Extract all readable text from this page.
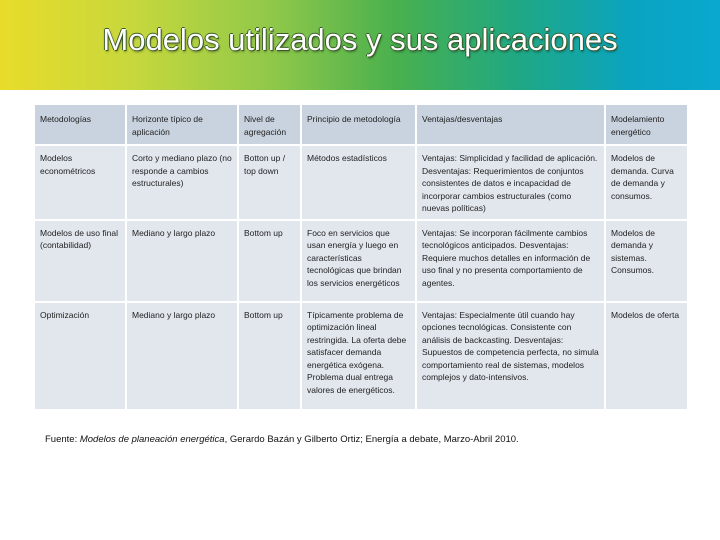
Modelos utilizados y sus aplicaciones
Metodologías	Horizonte típico de aplicación	Nivel de agregación	Principio de metodología	Ventajas/desventajas	Modelamiento energético
Modelos econométricos	Corto y mediano plazo (no responde a cambios estructurales)	Botton up / top down	Métodos estadísticos	Ventajas: Simplicidad y facilidad de aplicación. Desventajas: Requerimientos de conjuntos consistentes de datos e incapacidad de incorporar cambios estructurales (como nuevas políticas)	Modelos de demanda. Curva de demanda y consumos.
Modelos de uso final (contabilidad)	Mediano y largo plazo	Bottom up	Foco en servicios que usan energía y luego en características tecnológicas que brindan los servicios energéticos	Ventajas: Se incorporan fácilmente cambios tecnológicos anticipados. Desventajas: Requiere muchos detalles en información de uso final y no presenta comportamiento de agentes.	Modelos de demanda y sistemas. Consumos.
Optimización	Mediano y largo plazo	Bottom up	Típicamente problema de optimización lineal restringida. La oferta debe satisfacer demanda energética exógena. Problema dual entrega valores de energéticos.	Ventajas: Especialmente útil cuando hay opciones tecnológicas. Consistente con análisis de backcasting. Desventajas: Supuestos de competencia perfecta, no simula comportamiento real de sistemas, modelos complejos y dato-intensivos.	Modelos de oferta
Fuente: Modelos de planeación energética, Gerardo Bazán y Gilberto Ortiz; Energía a debate, Marzo-Abril 2010.
